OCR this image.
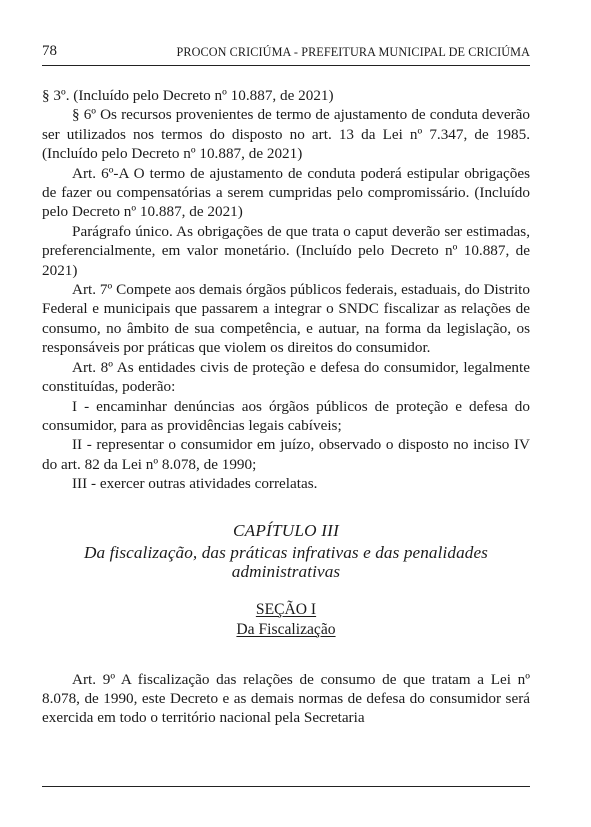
78	PROCON CRICIÚMA - PREFEITURA MUNICIPAL DE CRICIÚMA

§ 3º. (Incluído pelo Decreto nº 10.887, de 2021)

§ 6º Os recursos provenientes de termo de ajustamento de conduta deverão ser utilizados nos termos do disposto no art. 13 da Lei nº 7.347, de 1985. (Incluído pelo Decreto nº 10.887, de 2021)

Art. 6º-A O termo de ajustamento de conduta poderá estipular obrigações de fazer ou compensatórias a serem cumpridas pelo compromissário. (Incluído pelo Decreto nº 10.887, de 2021)

Parágrafo único. As obrigações de que trata o caput deverão ser estimadas, preferencialmente, em valor monetário. (Incluído pelo Decreto nº 10.887, de 2021)

Art. 7º Compete aos demais órgãos públicos federais, estaduais, do Distrito Federal e municipais que passarem a integrar o SNDC fiscalizar as relações de consumo, no âmbito de sua competência, e autuar, na forma da legislação, os responsáveis por práticas que violem os direitos do consumidor.

Art. 8º As entidades civis de proteção e defesa do consumidor, legalmente constituídas, poderão:

I - encaminhar denúncias aos órgãos públicos de proteção e defesa do consumidor, para as providências legais cabíveis;

II - representar o consumidor em juízo, observado o disposto no inciso IV do art. 82 da Lei nº 8.078, de 1990;

III - exercer outras atividades correlatas.

CAPÍTULO III
Da fiscalização, das práticas infrativas e das penalidades administrativas
SEÇÃO I
Da Fiscalização

Art. 9º A fiscalização das relações de consumo de que tratam a Lei nº 8.078, de 1990, este Decreto e as demais normas de defesa do consumidor será exercida em todo o território nacional pela Secretaria
